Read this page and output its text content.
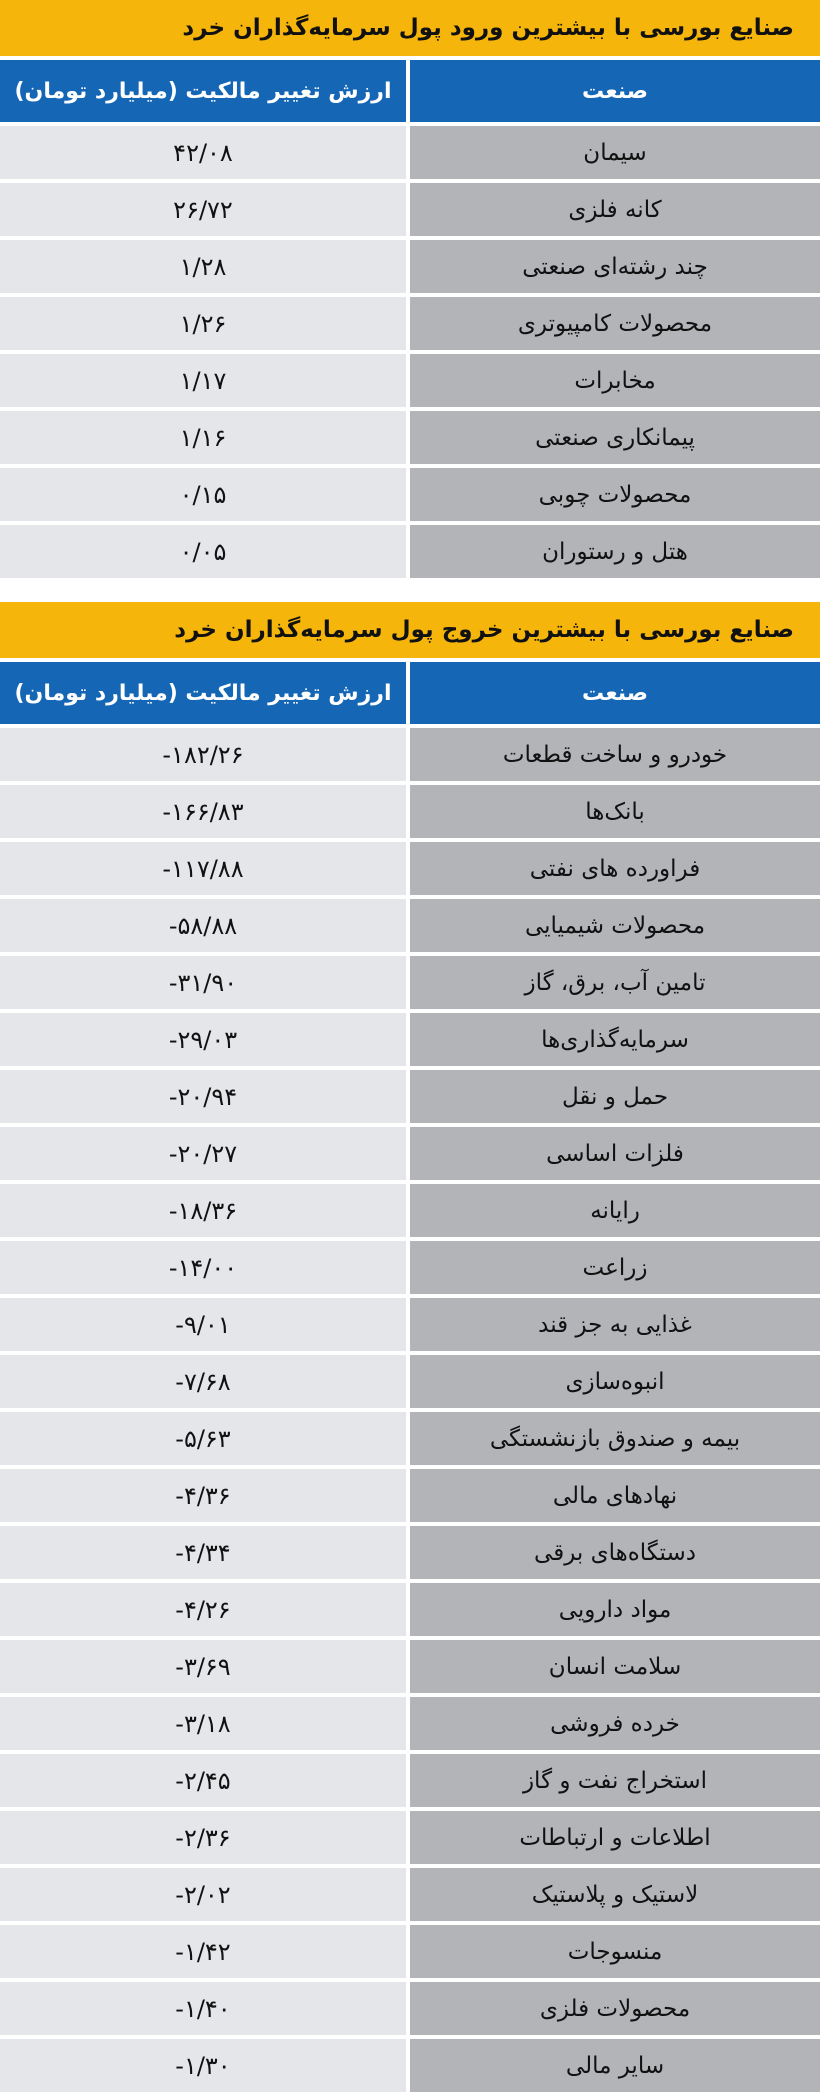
صنایع بورسی با بیشترین ورود پول سرمایه‌گذاران خرد
صنعت
ارزش تغییر مالکیت (میلیارد تومان)
سیمان
۴۲/۰۸
کانه فلزی
۲۶/۷۲
چند رشته‌ای صنعتی
۱/۲۸
محصولات کامپیوتری
۱/۲۶
مخابرات
۱/۱۷
پیمانکاری صنعتی
۱/۱۶
محصولات چوبی
۰/۱۵
هتل و رستوران
۰/۰۵
صنایع بورسی با بیشترین خروج پول سرمایه‌گذاران خرد
صنعت
ارزش تغییر مالکیت (میلیارد تومان)
خودرو و ساخت قطعات
-۱۸۲/۲۶
بانک‌ها
-۱۶۶/۸۳
فراورده های نفتی
-۱۱۷/۸۸
محصولات شیمیایی
-۵۸/۸۸
تامین آب، برق، گاز
-۳۱/۹۰
سرمایه‌گذاری‌ها
-۲۹/۰۳
حمل و نقل
-۲۰/۹۴
فلزات اساسی
-۲۰/۲۷
رایانه
-۱۸/۳۶
زراعت
-۱۴/۰۰
غذایی به جز قند
-۹/۰۱
انبوه‌سازی
-۷/۶۸
بیمه و صندوق بازنشستگی
-۵/۶۳
نهادهای مالی
-۴/۳۶
دستگاه‌های برقی
-۴/۳۴
مواد دارویی
-۴/۲۶
سلامت انسان
-۳/۶۹
خرده فروشی
-۳/۱۸
استخراج نفت و گاز
-۲/۴۵
اطلاعات و ارتباطات
-۲/۳۶
لاستیک و پلاستیک
-۲/۰۲
منسوجات
-۱/۴۲
محصولات فلزی
-۱/۴۰
سایر مالی
-۱/۳۰
